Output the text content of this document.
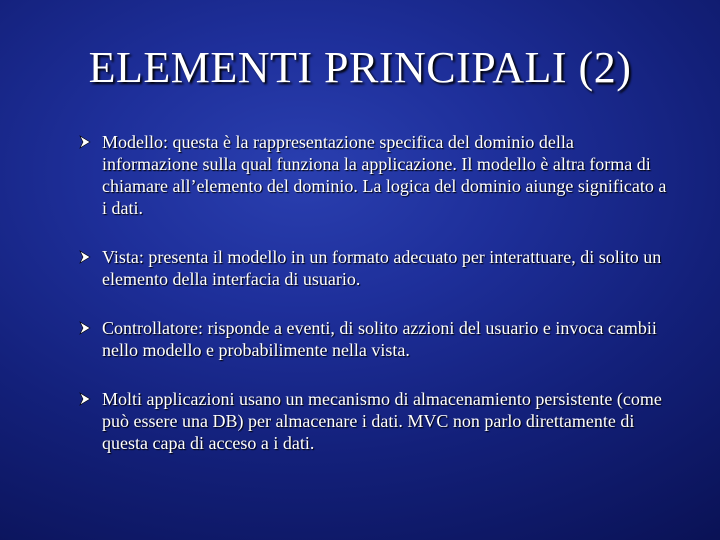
ELEMENTI PRINCIPALI (2)
Modello: questa è la rappresentazione specifica del dominio della informazione sulla qual funziona la applicazione. Il modello è altra forma di chiamare all’elemento del dominio. La logica del dominio aiunge significato a i dati.
Vista: presenta il modello in un formato adecuato per interattuare, di solito un elemento della interfacia di usuario.
Controllatore: risponde a eventi, di solito azzioni del usuario e invoca cambii nello modello e probabilimente nella vista.
Molti applicazioni usano un mecanismo di almacenamiento persistente (come può essere una DB) per almacenare i dati. MVC non parlo direttamente di questa capa di acceso a i dati.
